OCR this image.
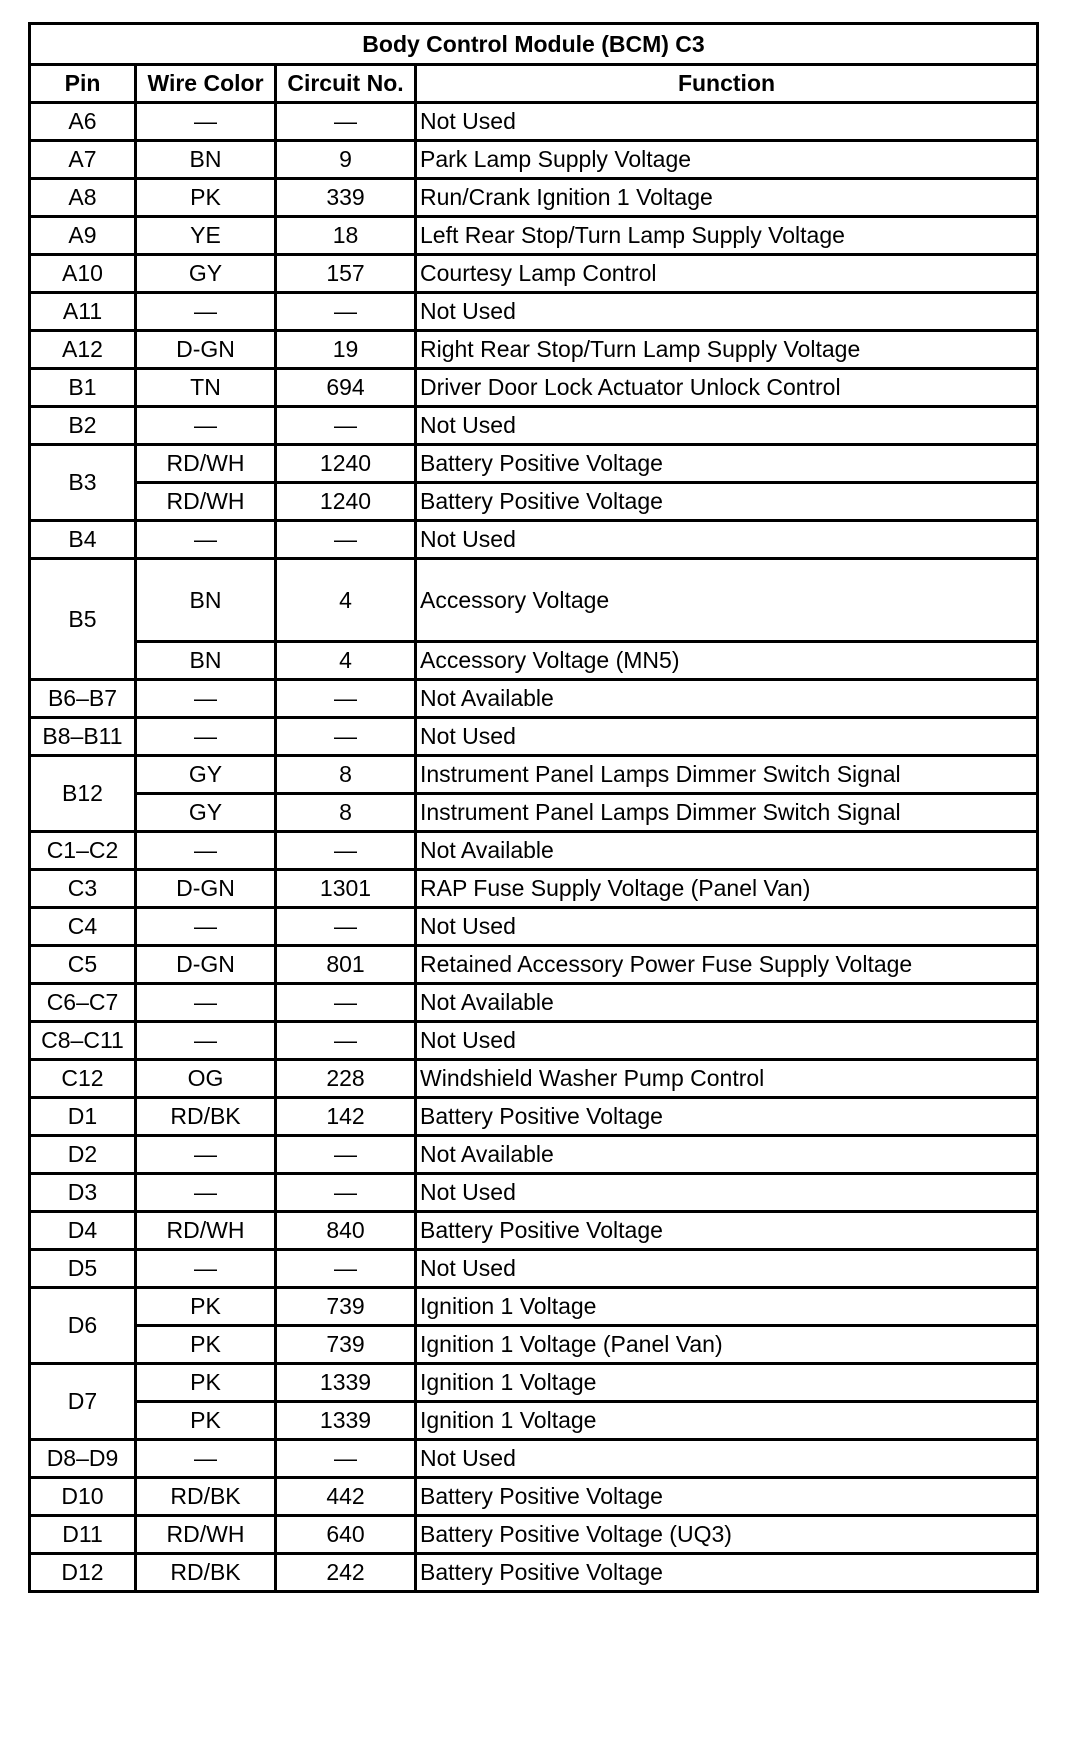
Body Control Module (BCM) C3			
Pin	Wire Color	Circuit No.	Function
A6	—	—	Not Used
A7	BN	9	Park Lamp Supply Voltage
A8	PK	339	Run/Crank Ignition 1 Voltage
A9	YE	18	Left Rear Stop/Turn Lamp Supply Voltage
A10	GY	157	Courtesy Lamp Control
A11	—	—	Not Used
A12	D-GN	19	Right Rear Stop/Turn Lamp Supply Voltage
B1	TN	694	Driver Door Lock Actuator Unlock Control
B2	—	—	Not Used
B3	RD/WH	1240	Battery Positive Voltage
	RD/WH	1240	Battery Positive Voltage
B4	—	—	Not Used
B5	BN	4	Accessory Voltage
	BN	4	Accessory Voltage (MN5)
B6–B7	—	—	Not Available
B8–B11	—	—	Not Used
B12	GY	8	Instrument Panel Lamps Dimmer Switch Signal
	GY	8	Instrument Panel Lamps Dimmer Switch Signal
C1–C2	—	—	Not Available
C3	D-GN	1301	RAP Fuse Supply Voltage (Panel Van)
C4	—	—	Not Used
C5	D-GN	801	Retained Accessory Power Fuse Supply Voltage
C6–C7	—	—	Not Available
C8–C11	—	—	Not Used
C12	OG	228	Windshield Washer Pump Control
D1	RD/BK	142	Battery Positive Voltage
D2	—	—	Not Available
D3	—	—	Not Used
D4	RD/WH	840	Battery Positive Voltage
D5	—	—	Not Used
D6	PK	739	Ignition 1 Voltage
	PK	739	Ignition 1 Voltage (Panel Van)
D7	PK	1339	Ignition 1 Voltage
	PK	1339	Ignition 1 Voltage
D8–D9	—	—	Not Used
D10	RD/BK	442	Battery Positive Voltage
D11	RD/WH	640	Battery Positive Voltage (UQ3)
D12	RD/BK	242	Battery Positive Voltage
